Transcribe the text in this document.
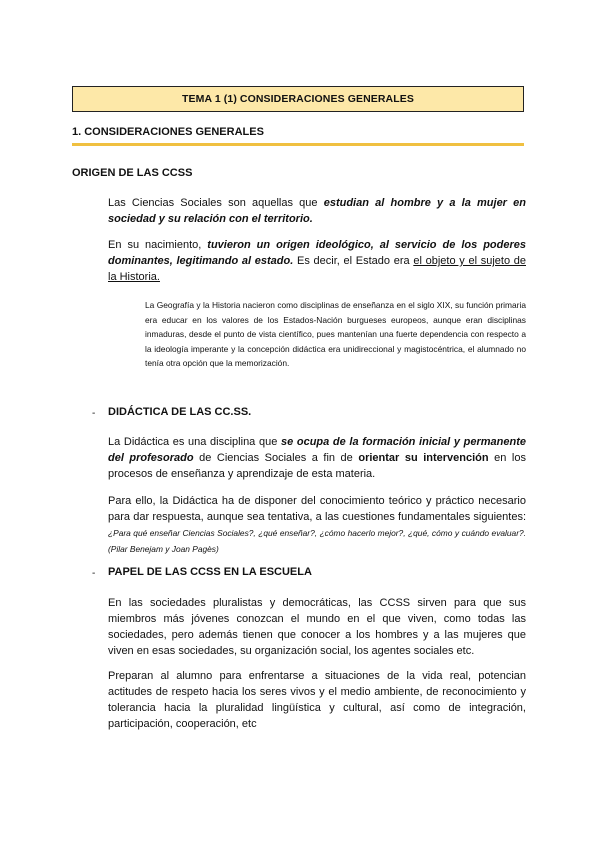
TEMA 1 (1) CONSIDERACIONES GENERALES
1. CONSIDERACIONES GENERALES
ORIGEN DE LAS CCSS
Las Ciencias Sociales son aquellas que estudian al hombre y a la mujer en sociedad y su relación con el territorio.
En su nacimiento, tuvieron un origen ideológico, al servicio de los poderes dominantes, legitimando al estado. Es decir, el Estado era el objeto y el sujeto de la Historia.
La Geografía y la Historia nacieron como disciplinas de enseñanza en el siglo XIX, su función primaria era educar en los valores de los Estados-Nación burgueses europeos, aunque eran disciplinas inmaduras, desde el punto de vista científico, pues mantenían una fuerte dependencia con respecto a la ideología imperante y la concepción didáctica era unidireccional y magistocéntrica, el alumnado no tenía otra opción que la memorización.
- DIDÁCTICA DE LAS CC.SS.
La Didáctica es una disciplina que se ocupa de la formación inicial y permanente del profesorado de Ciencias Sociales a fin de orientar su intervención en los procesos de enseñanza y aprendizaje de esta materia.
Para ello, la Didáctica ha de disponer del conocimiento teórico y práctico necesario para dar respuesta, aunque sea tentativa, a las cuestiones fundamentales siguientes: ¿Para qué enseñar Ciencias Sociales?, ¿qué enseñar?, ¿cómo hacerlo mejor?, ¿qué, cómo y cuándo evaluar?. (Pilar Benejam y Joan Pagès)
- PAPEL DE LAS CCSS EN LA ESCUELA
En las sociedades pluralistas y democráticas, las CCSS sirven para que sus miembros más jóvenes conozcan el mundo en el que viven, como todas las sociedades, pero además tienen que conocer a los hombres y a las mujeres que viven en esas sociedades, su organización social, los agentes sociales etc.
Preparan al alumno para enfrentarse a situaciones de la vida real, potencian actitudes de respeto hacia los seres vivos y el medio ambiente, de reconocimiento y tolerancia hacia la pluralidad lingüística y cultural, así como de integración, participación, cooperación, etc
